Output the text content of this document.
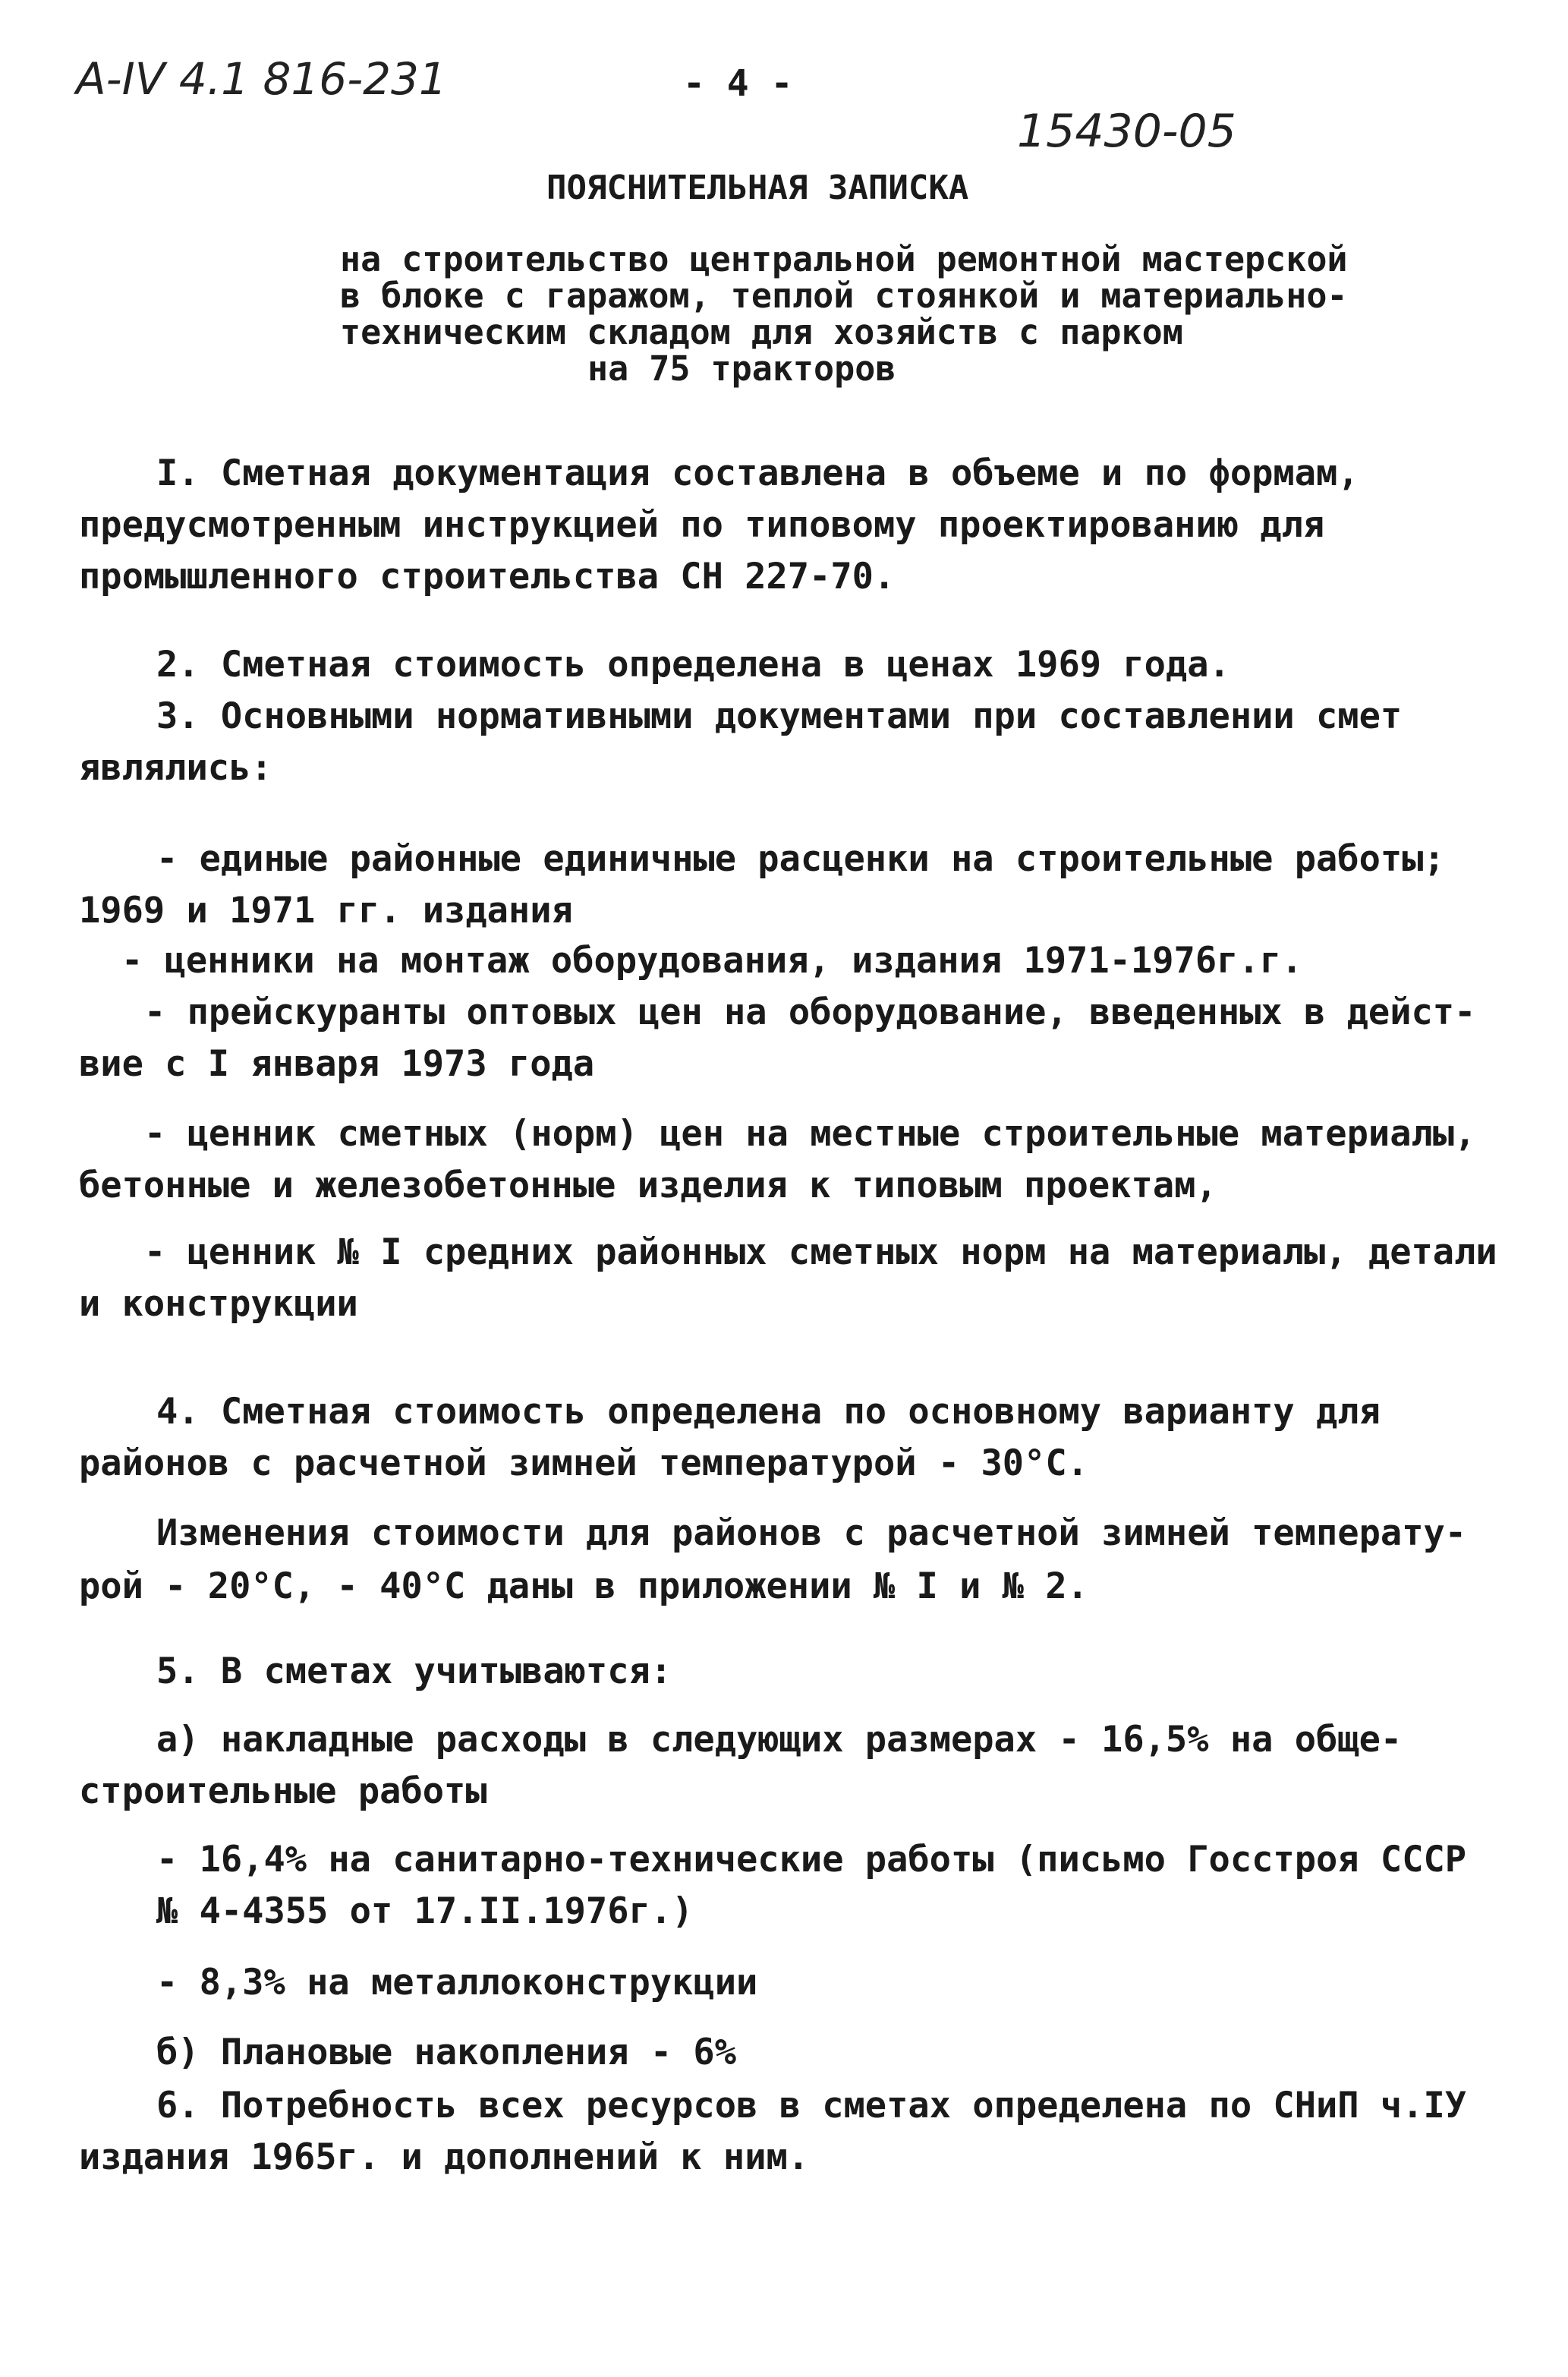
А-IV 4.1 816-231	- 4 -
15430-05
ПОЯСНИТЕЛЬНАЯ ЗАПИСКА
на строительство центральной ремонтной мастерской
в блоке с гаражом, теплой стоянкой и материально-
техническим складом для хозяйств с парком
на 75 тракторов
I. Сметная документация составлена в объеме и по формам,
предусмотренным инструкцией по типовому проектированию для
промышленного строительства СН 227-70.
2. Сметная стоимость определена в ценах 1969 года.
3. Основными нормативными документами при составлении смет
являлись:
- единые районные единичные расценки на строительные работы;
1969 и 1971 гг. издания
- ценники на монтаж оборудования, издания 1971-1976г.г.
- прейскуранты оптовых цен на оборудование, введенных в дейст-
вие с I января 1973 года
- ценник сметных (норм) цен на местные строительные материалы,
бетонные и железобетонные изделия к типовым проектам,
- ценник № I средних районных сметных норм на материалы, детали
и конструкции
4. Сметная стоимость определена по основному варианту для
районов с расчетной зимней температурой - 30°С.
Изменения стоимости для районов с расчетной зимней температу-
рой - 20°С, - 40°С даны в приложении № I и № 2.
5. В сметах учитываются:
а) накладные расходы в следующих размерах - 16,5% на обще-
строительные работы
- 16,4% на санитарно-технические работы (письмо Госстроя СССР
№ 4-4355 от 17.II.1976г.)
- 8,3% на металлоконструкции
б) Плановые накопления - 6%
6. Потребность всех ресурсов в сметах определена по СНиП ч.IУ
издания 1965г. и дополнений к ним.
